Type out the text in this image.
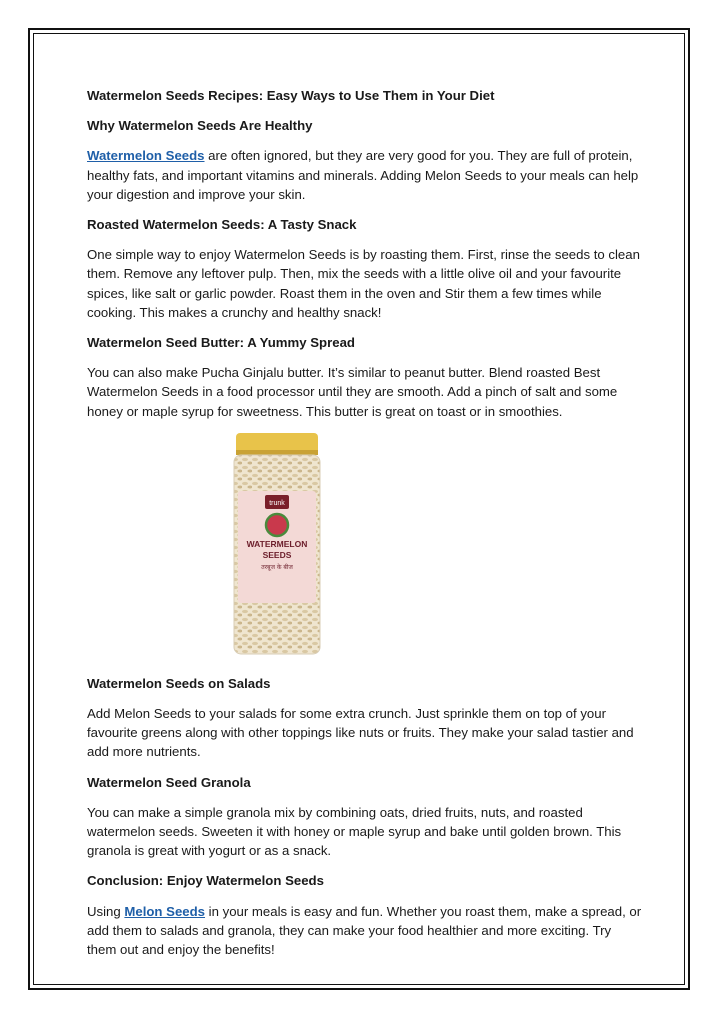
Watermelon Seeds Recipes: Easy Ways to Use Them in Your Diet

Why Watermelon Seeds Are Healthy

Watermelon Seeds are often ignored, but they are very good for you. They are full of protein, healthy fats, and important vitamins and minerals. Adding Melon Seeds to your meals can help your digestion and improve your skin.

Roasted Watermelon Seeds: A Tasty Snack

One simple way to enjoy Watermelon Seeds is by roasting them. First, rinse the seeds to clean them. Remove any leftover pulp. Then, mix the seeds with a little olive oil and your favourite spices, like salt or garlic powder. Roast them in the oven and Stir them a few times while cooking. This makes a crunchy and healthy snack!

Watermelon Seed Butter: A Yummy Spread

You can also make Pucha Ginjalu butter. It’s similar to peanut butter. Blend roasted Best Watermelon Seeds in a food processor until they are smooth. Add a pinch of salt and some honey or maple syrup for sweetness. This butter is great on toast or in smoothies.

trunk
WATERMELON
SEEDS
तरबूज के बीज

Watermelon Seeds on Salads

Add Melon Seeds to your salads for some extra crunch. Just sprinkle them on top of your favourite greens along with other toppings like nuts or fruits. They make your salad tastier and add more nutrients.

Watermelon Seed Granola

You can make a simple granola mix by combining oats, dried fruits, nuts, and roasted watermelon seeds. Sweeten it with honey or maple syrup and bake until golden brown. This granola is great with yogurt or as a snack.

Conclusion: Enjoy Watermelon Seeds

Using Melon Seeds in your meals is easy and fun. Whether you roast them, make a spread, or add them to salads and granola, they can make your food healthier and more exciting. Try them out and enjoy the benefits!
